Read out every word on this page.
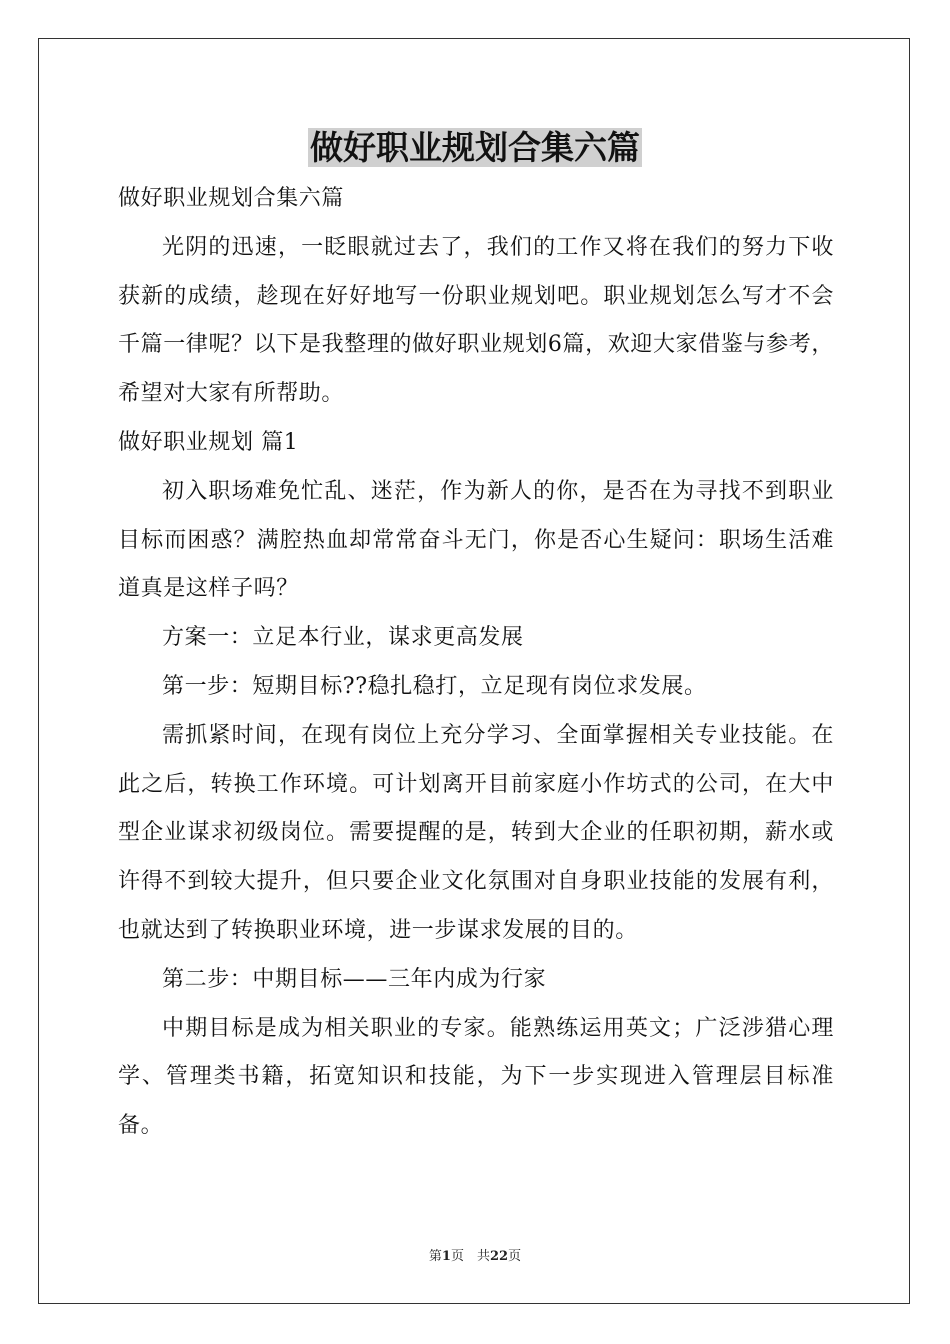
做好职业规划合集六篇

做好职业规划合集六篇

光阴的迅速，一眨眼就过去了，我们的工作又将在我们的努力下收获新的成绩，趁现在好好地写一份职业规划吧。职业规划怎么写才不会千篇一律呢？以下是我整理的做好职业规划6篇，欢迎大家借鉴与参考，希望对大家有所帮助。

做好职业规划 篇1

初入职场难免忙乱、迷茫，作为新人的你，是否在为寻找不到职业目标而困惑？满腔热血却常常奋斗无门，你是否心生疑问：职场生活难道真是这样子吗？

方案一：立足本行业，谋求更高发展

第一步：短期目标??稳扎稳打，立足现有岗位求发展。

需抓紧时间，在现有岗位上充分学习、全面掌握相关专业技能。在此之后，转换工作环境。可计划离开目前家庭小作坊式的公司，在大中型企业谋求初级岗位。需要提醒的是，转到大企业的任职初期，薪水或许得不到较大提升，但只要企业文化氛围对自身职业技能的发展有利，也就达到了转换职业环境，进一步谋求发展的目的。

第二步：中期目标——三年内成为行家

中期目标是成为相关职业的专家。能熟练运用英文；广泛涉猎心理学、管理类书籍，拓宽知识和技能，为下一步实现进入管理层目标准备。

第1页　共22页
